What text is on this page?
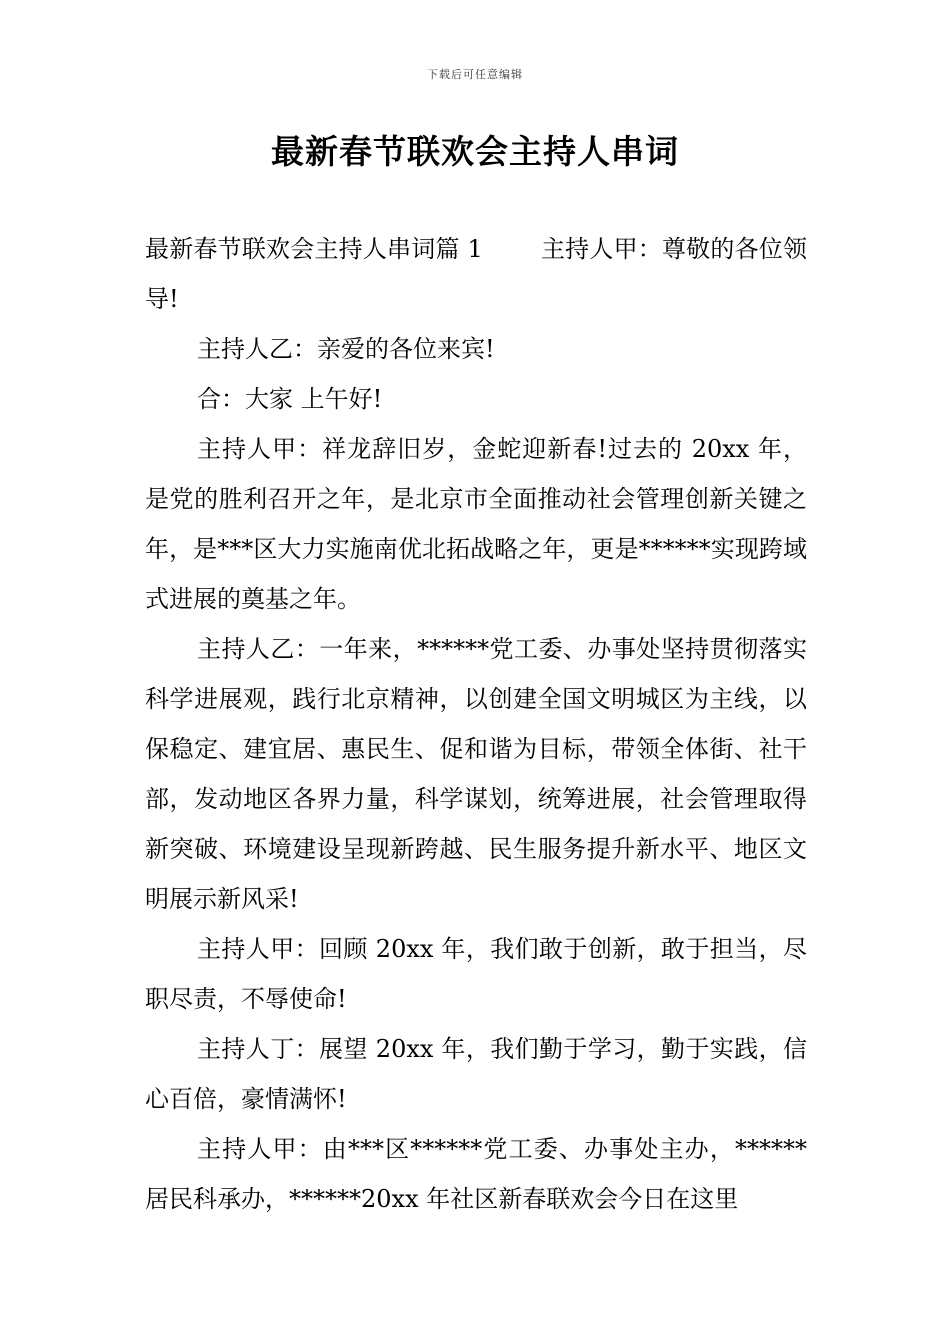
下载后可任意编辑
最新春节联欢会主持人串词

最新春节联欢会主持人串词篇 1 主持人甲：尊敬的各位领导!

主持人乙：亲爱的各位来宾!

合：大家 上午好!

主持人甲：祥龙辞旧岁，金蛇迎新春!过去的 20xx 年，是党的胜利召开之年，是北京市全面推动社会管理创新关键之年，是***区大力实施南优北拓战略之年，更是******实现跨域式进展的奠基之年。

主持人乙：一年来，******党工委、办事处坚持贯彻落实科学进展观，践行北京精神，以创建全国文明城区为主线，以保稳定、建宜居、惠民生、促和谐为目标，带领全体街、社干部，发动地区各界力量，科学谋划，统筹进展，社会管理取得新突破、环境建设呈现新跨越、民生服务提升新水平、地区文明展示新风采!

主持人甲：回顾 20xx 年，我们敢于创新，敢于担当，尽职尽责，不辱使命!

主持人丁：展望 20xx 年，我们勤于学习，勤于实践，信心百倍，豪情满怀!

主持人甲：由***区******党工委、办事处主办，******居民科承办，******20xx 年社区新春联欢会今日在这里
